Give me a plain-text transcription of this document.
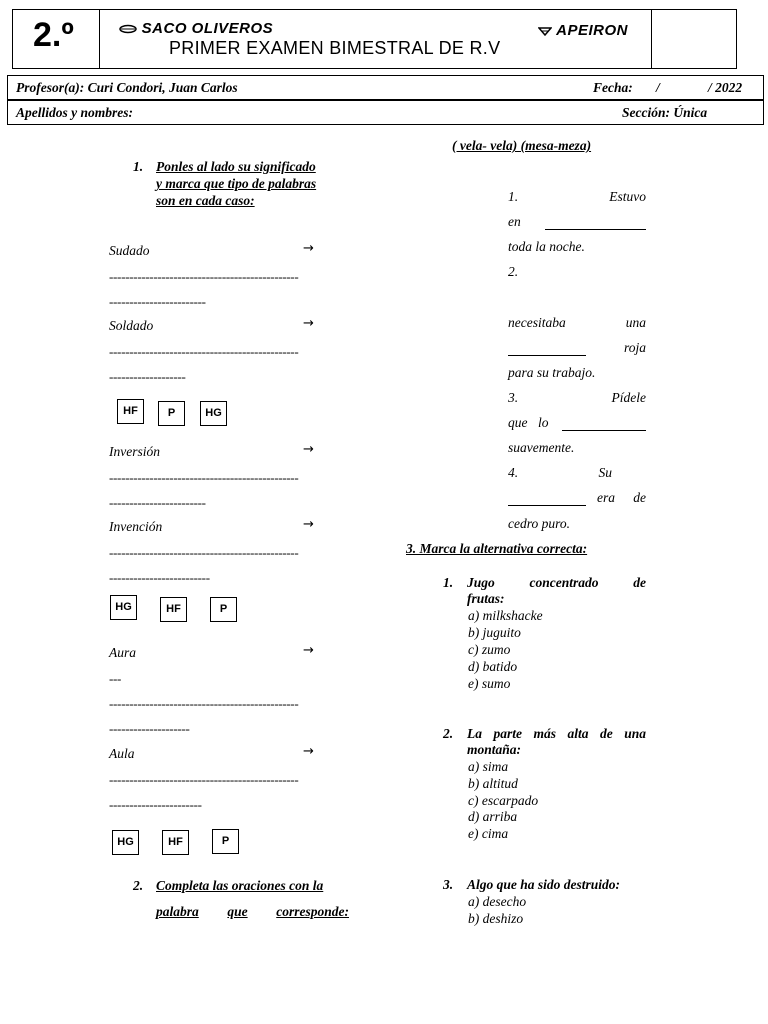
2.º	SACO OLIVEROS	APEIRON
PRIMER EXAMEN BIMESTRAL DE R.V
Profesor(a): Curi Condori, Juan Carlos	Fecha: /	/ 2022
Apellidos y nombres:	Sección: Única
1. Ponles al lado su significado
y marca que tipo de palabras
son en cada caso:
Sudado	→
-----------------------------------------------
------------------------
Soldado	→
-----------------------------------------------
-------------------
HF	P	HG
Inversión	→
-----------------------------------------------
------------------------
Invención	→
-----------------------------------------------
-------------------------
HG	HF	P
Aura	→
---
-----------------------------------------------
--------------------
Aula	→
-----------------------------------------------
-----------------------
HG	HF	P
2. Completa las oraciones con la
palabra que corresponde:
( vela- vela) (mesa-meza)
1.	Estuvo
en
toda la noche.
2.
necesitaba	una
roja
para su trabajo.
3.	Pídele
que lo
suavemente.
4.	Su
era de
cedro puro.
3. Marca la alternativa correcta:
1. Jugo	concentrado	de
frutas:
a) milkshacke
b) juguito
c) zumo
d) batido
e) sumo
2. La parte más alta de una
montaña:
a) sima
b) altitud
c) escarpado
d) arriba
e) cima
3. Algo que ha sido destruido:
a) desecho
b) deshizo
